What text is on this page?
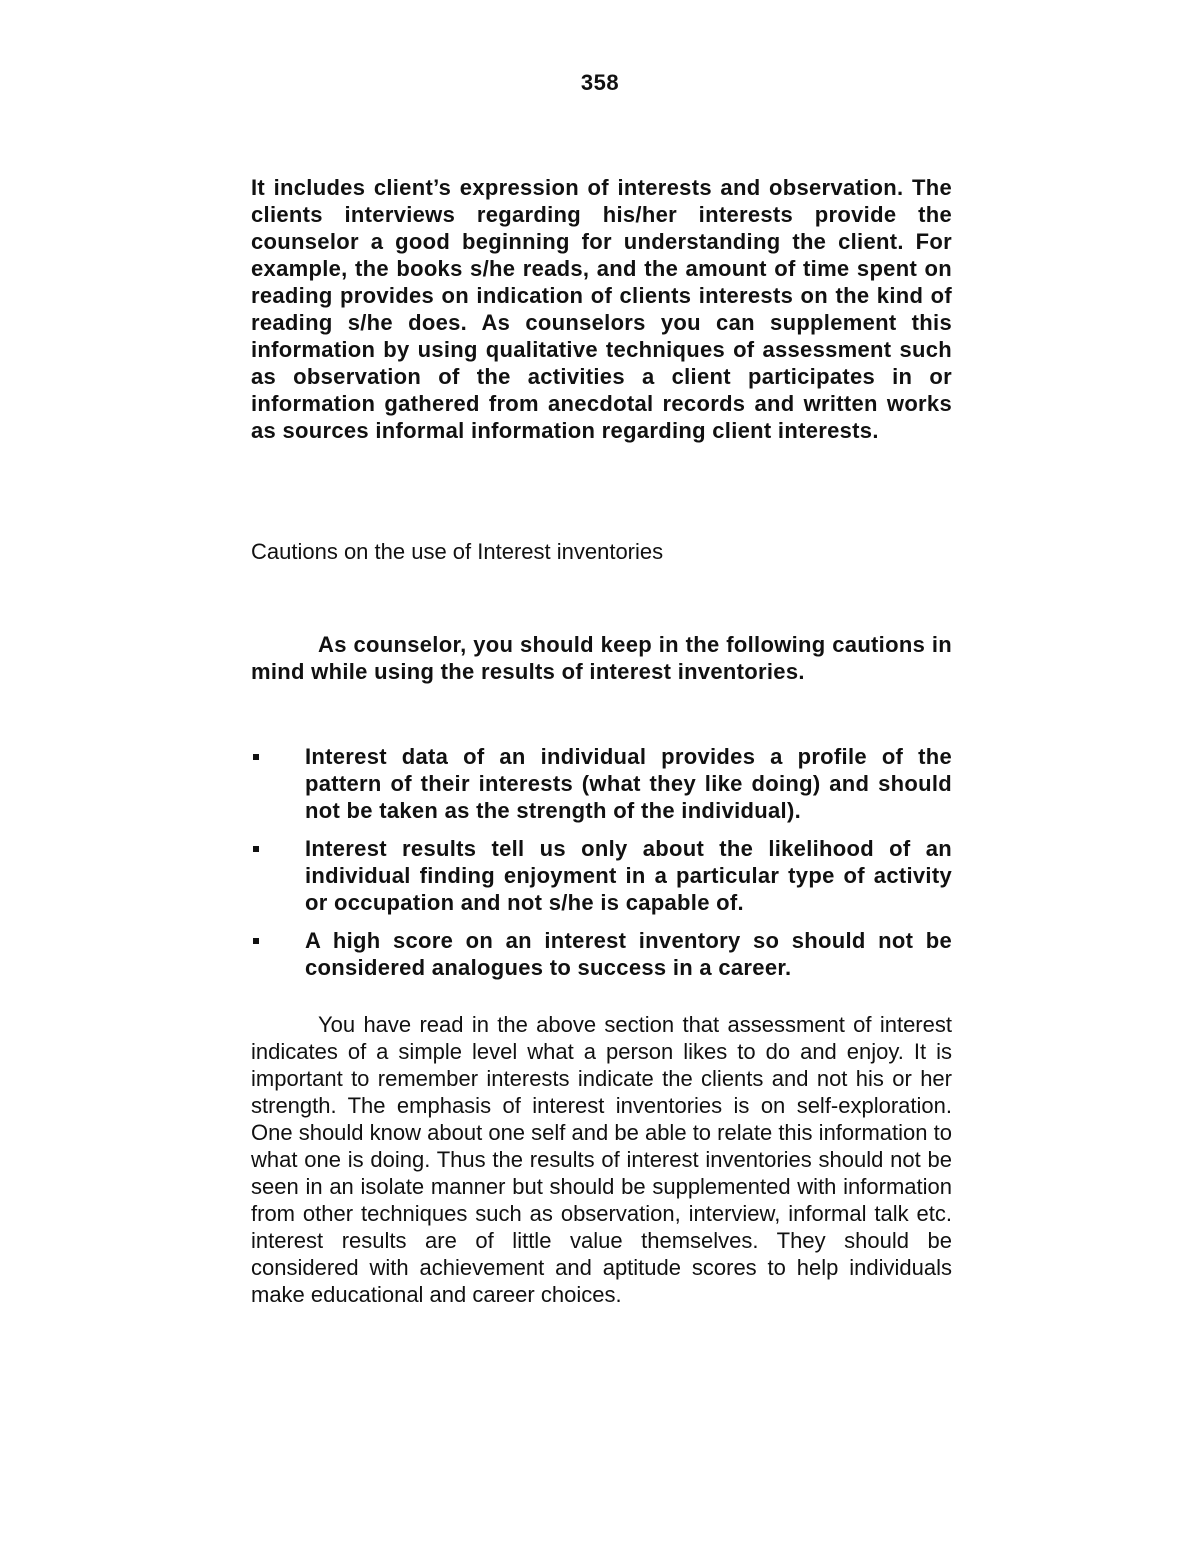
358

It includes client’s expression of interests and observation. The clients interviews regarding his/her interests provide the counselor a good beginning for understanding the client. For example, the books s/he reads, and the amount of time spent on reading provides on indication of clients interests on the kind of reading s/he does. As counselors you can supplement this information by using qualitative techniques of assessment such as observation of the activities a client participates in or information gathered from anecdotal records and written works as sources informal information regarding client interests.

Cautions on the use of Interest inventories

As counselor, you should keep in the following cautions in mind while using the results of interest inventories.

Interest data of an individual provides a profile of the pattern of their interests (what they like doing) and should not be taken as the strength of the individual).
Interest results tell us only about the likelihood of an individual finding enjoyment in a particular type of activity or occupation and not s/he is capable of.
A high score on an interest inventory so should not be considered analogues to success in a career.

You have read in the above section that assessment of interest indicates of a simple level what a person likes to do and enjoy. It is important to remember interests indicate the clients and not his or her strength. The emphasis of interest inventories is on self-exploration. One should know about one self and be able to relate this information to what one is doing. Thus the results of interest inventories should not be seen in an isolate manner but should be supplemented with information from other techniques such as observation, interview, informal talk etc. interest results are of little value themselves. They should be considered with achievement and aptitude scores to help individuals make educational and career choices.
